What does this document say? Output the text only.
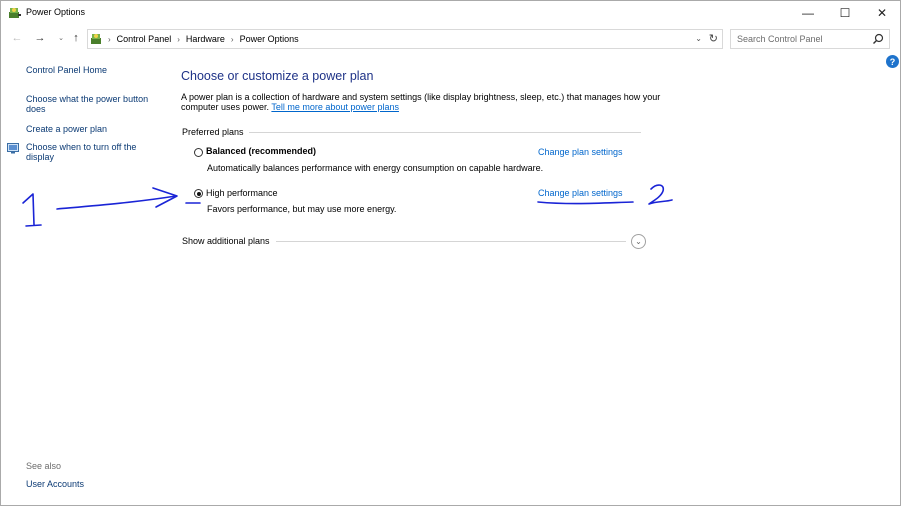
Power Options	—	☐	✕
← →	⌄ ↑	› Control Panel › Hardware › Power Options	⌄ ↻ Search Control Panel
?
Control Panel Home
Choose what the power button does
Create a power plan
Choose when to turn off the display
See also
User Accounts
Choose or customize a power plan
A power plan is a collection of hardware and system settings (like display brightness, sleep, etc.) that manages how your computer uses power. Tell me more about power plans
Preferred plans
Balanced (recommended)
Automatically balances performance with energy consumption on capable hardware.
Change plan settings
High performance
Favors performance, but may use more energy.
Change plan settings
Show additional plans	⌄
